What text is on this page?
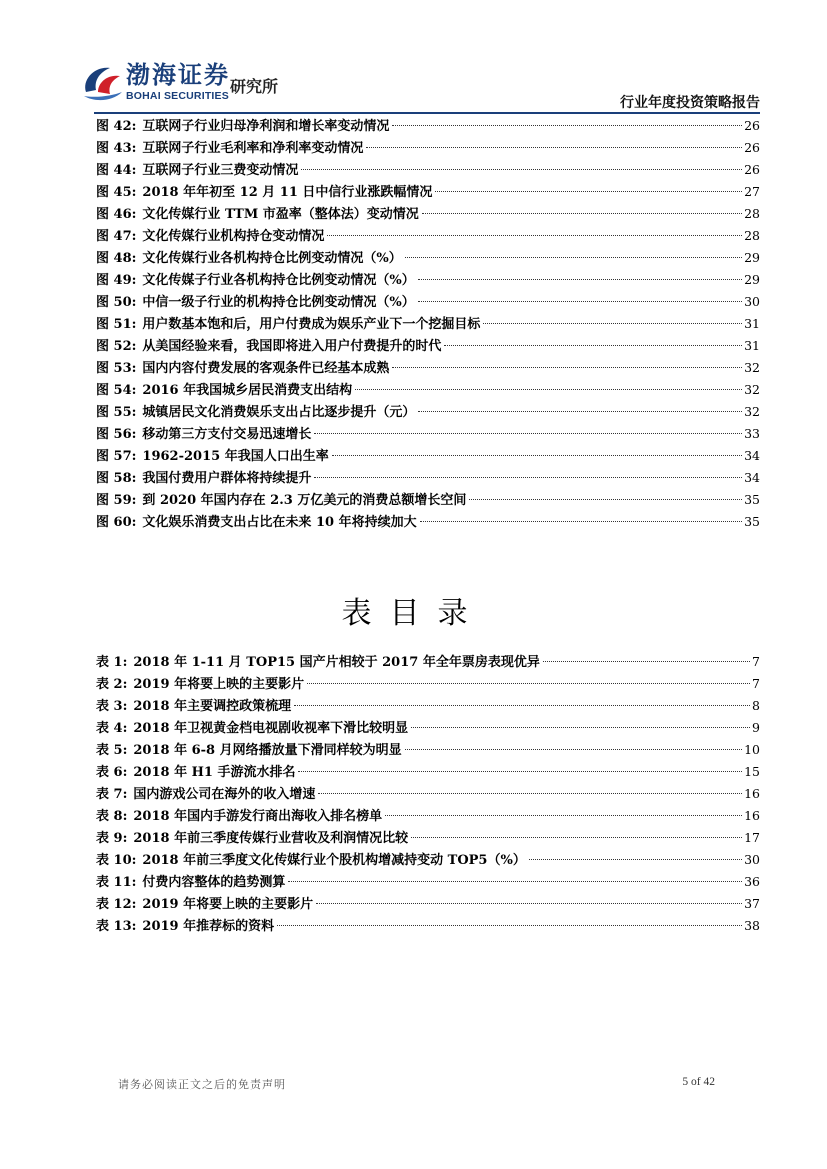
渤海证券
BOHAI SECURITIES 研究所
行业年度投资策略报告
图 42: 互联网子行业归母净利润和增长率变动情况	26
图 43: 互联网子行业毛利率和净利率变动情况	26
图 44: 互联网子行业三费变动情况	26
图 45: 2018 年年初至 12 月 11 日中信行业涨跌幅情况	27
图 46: 文化传媒行业 TTM 市盈率（整体法）变动情况	28
图 47: 文化传媒行业机构持仓变动情况	28
图 48: 文化传媒行业各机构持仓比例变动情况（%）	29
图 49: 文化传媒子行业各机构持仓比例变动情况（%）	29
图 50: 中信一级子行业的机构持仓比例变动情况（%）	30
图 51: 用户数基本饱和后，用户付费成为娱乐产业下一个挖掘目标	31
图 52: 从美国经验来看，我国即将进入用户付费提升的时代	31
图 53: 国内内容付费发展的客观条件已经基本成熟	32
图 54: 2016 年我国城乡居民消费支出结构	32
图 55: 城镇居民文化消费娱乐支出占比逐步提升（元）	32
图 56: 移动第三方支付交易迅速增长	33
图 57: 1962-2015 年我国人口出生率	34
图 58: 我国付费用户群体将持续提升	34
图 59: 到 2020 年国内存在 2.3 万亿美元的消费总额增长空间	35
图 60: 文化娱乐消费支出占比在未来 10 年将持续加大	35
表目录
表 1: 2018 年 1-11 月 TOP15 国产片相较于 2017 年全年票房表现优异	7
表 2: 2019 年将要上映的主要影片	7
表 3: 2018 年主要调控政策梳理	8
表 4: 2018 年卫视黄金档电视剧收视率下滑比较明显	9
表 5: 2018 年 6-8 月网络播放量下滑同样较为明显	10
表 6: 2018 年 H1 手游流水排名	15
表 7: 国内游戏公司在海外的收入增速	16
表 8: 2018 年国内手游发行商出海收入排名榜单	16
表 9: 2018 年前三季度传媒行业营收及利润情况比较	17
表 10: 2018 年前三季度文化传媒行业个股机构增减持变动 TOP5（%）	30
表 11: 付费内容整体的趋势测算	36
表 12: 2019 年将要上映的主要影片	37
表 13: 2019 年推荐标的资料	38
请务必阅读正文之后的免责声明	5 of 42
